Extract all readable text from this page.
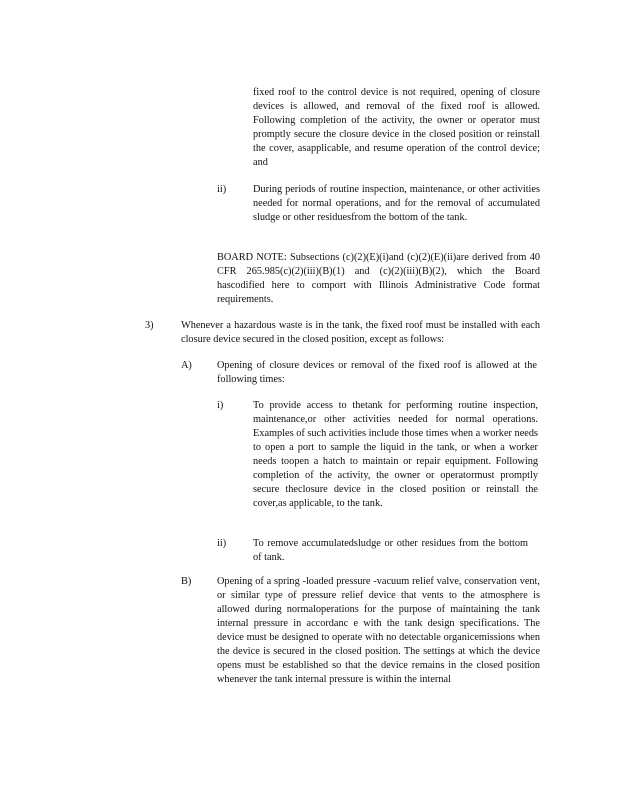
fixed roof to the control device is not required, opening of closure devices is allowed, and removal of the fixed roof is allowed. Following completion of the activity, the owner or operator must promptly secure the closure device in the closed position or reinstall the cover, asapplicable, and resume operation of the control device; and
ii)	During periods of routine inspection, maintenance, or other activities needed for normal operations, and for the removal of accumulated sludge or other residuesfrom the bottom of the tank.
BOARD NOTE: Subsections (c)(2)(E)(i)and (c)(2)(E)(ii)are derived from 40 CFR 265.985(c)(2)(iii)(B)(1) and (c)(2)(iii)(B)(2), which the Board hascodified here to comport with Illinois Administrative Code format requirements.
3)	Whenever a hazardous waste is in the tank, the fixed roof must be installed with each closure device secured in the closed position, except as follows:
A) Opening of closure devices or removal of the fixed roof is allowed at the following times:
i)	To provide access to thetank for performing routine inspection, maintenance,or other activities needed for normal operations. Examples of such activities include those times when a worker needs to open a port to sample the liquid in the tank, or when a worker needs toopen a hatch to maintain or repair equipment. Following completion of the activity, the owner or operatormust promptly secure theclosure device in the closed position or reinstall the cover,as applicable, to the tank.
ii)	To remove accumulatedsludge or other residues from the bottom of tank.
B) Opening of a spring -loaded pressure -vacuum relief valve, conservation vent, or similar type of pressure relief device that vents to the atmosphere is allowed during normaloperations for the purpose of maintaining the tank internal pressure in accordanc e with the tank design specifications. The device must be designed to operate with no detectable organicemissions when the device is secured in the closed position. The settings at which the device opens must be established so that the device remains in the closed position whenever the tank internal pressure is within the internal
